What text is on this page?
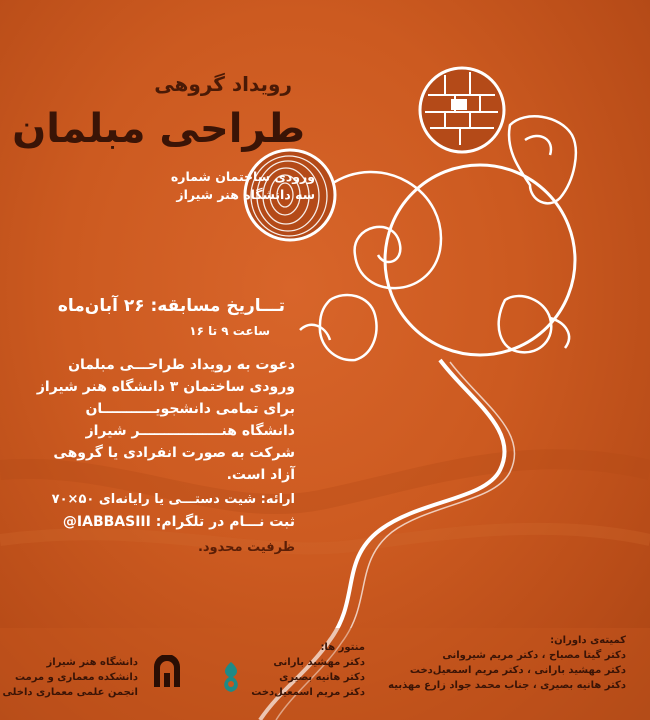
رویداد گروهی
طراحی مبلمان
ورودی ساختمان شماره
سه دانشگاه هنر شیراز
تـــاریخ مسابقه: ۲۶ آبان‌ماه
ساعت ۹ تا ۱۶
دعوت به رویداد طراحـــی مبلمان
ورودی ساختمان ۳ دانشگاه هنر شیراز
برای تمامی دانشجویـــــــــــان
دانشگاه هنـــــــــــــــــر شیراز
شرکت به صورت انفرادی یا گروهی
آزاد است.
ارائه: شیت دستـــی یا رایانه‌ای ۵۰×۷۰
ثبت نـــام در تلگرام: IABBASIII@
ظرفیت محدود.
دانشگاه هنر شیراز
دانشکده معماری و مرمت
انجمن علمی معماری داخلی
منتور ها:
دکتر مهشید بارانی
دکتر هانیه بصیری
دکتر مریم اسمعیل‌دخت
کمیته‌ی داوران:
دکتر گیتا مصباح ، دکتر مریم شیروانی
دکتر مهشید بارانی ، دکتر مریم اسمعیل‌دخت
دکتر هانیه بصیری ، جناب محمد جواد زارع مهذبیه
